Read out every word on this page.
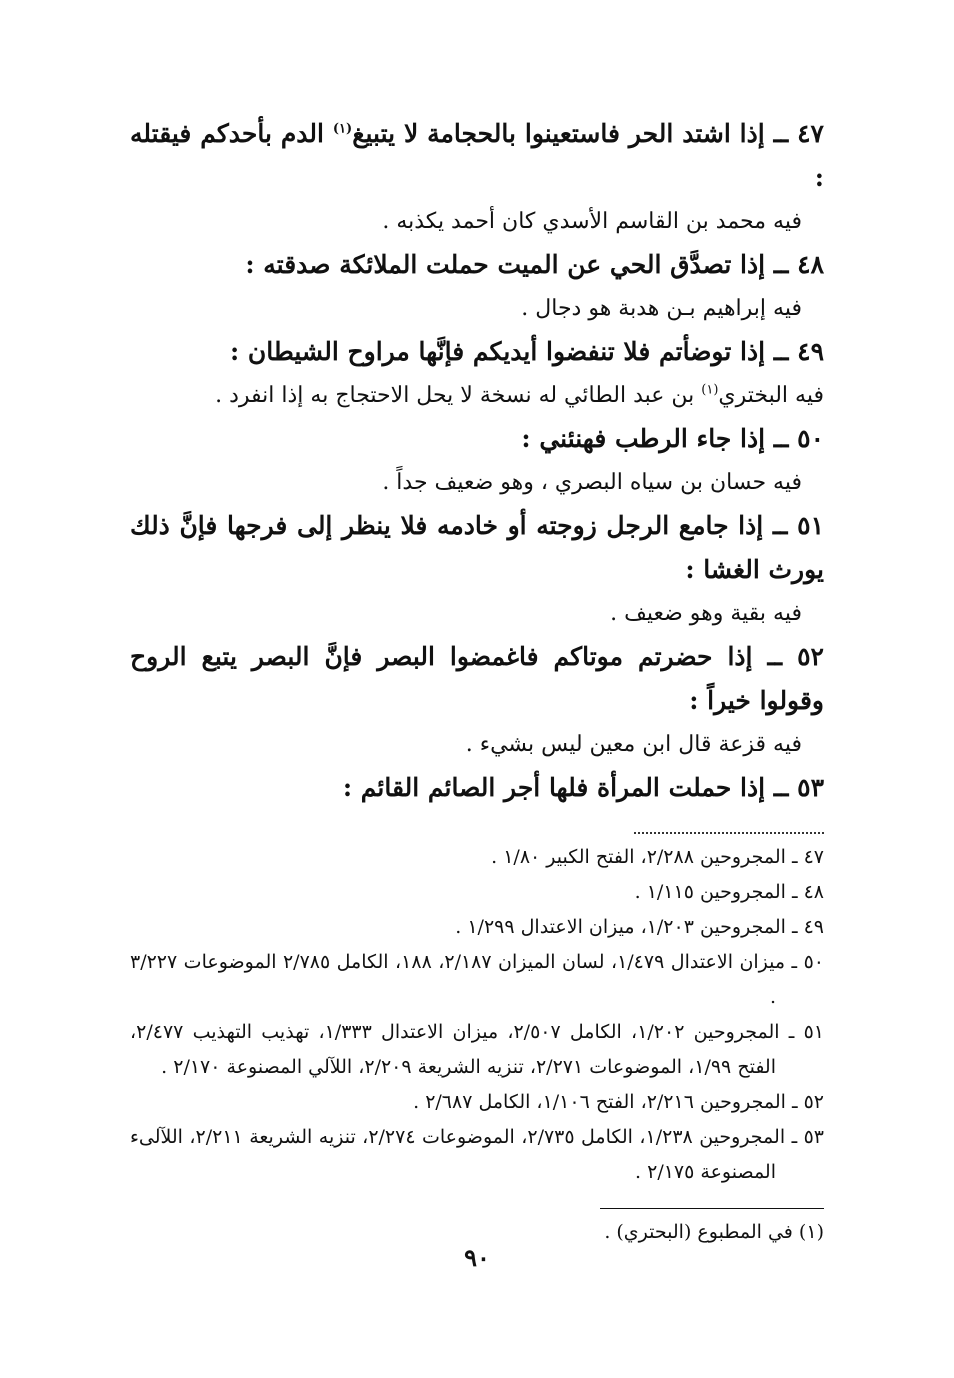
٤٧ ــ إذا اشتد الحر فاستعينوا بالحجامة لا يتبيغ$^{(١)}$ الدم بأحدكم فيقتله :

فيه محمد بن القاسم الأسدي كان أحمد يكذبه .

٤٨ ــ إذا تصدَّق الحي عن الميت حملت الملائكة صدقته :

فيه إبراهيم بـن هدبة هو دجال .

٤٩ ــ إذا توضأتم فلا تنفضوا أيديكم فإنَّها مراوح الشيطان :

فيه البختري$^{(١)}$ بن عبد الطائي له نسخة لا يحل الاحتجاج به إذا انفرد .

٥٠ ــ إذا جاء الرطب فهنئني :

فيه حسان بن سياه البصري ، وهو ضعيف جداً .

٥١ ــ إذا جامع الرجل زوجته أو خادمه فلا ينظر إلى فرجها فإنَّ ذلك يورث الغشا :

فيه بقية وهو ضعيف .

٥٢ ــ إذا حضرتم موتاكم فاغمضوا البصر فإنَّ البصر يتبع الروح وقولوا خيراً :

فيه قزعة قال ابن معين ليس بشيء .

٥٣ ــ إذا حملت المرأة فلها أجر الصائم القائم :

٤٧ ـ المجروحين ٢/٢٨٨، الفتح الكبير ١/٨٠ .
٤٨ ـ المجروحين ١/١١٥ .
٤٩ ـ المجروحين ١/٢٠٣، ميزان الاعتدال ١/٢٩٩ .
٥٠ ـ ميزان الاعتدال ١/٤٧٩، لسان الميزان ٢/١٨٧، ١٨٨، الكامل ٢/٧٨٥ الموضوعات ٣/٢٢٧ .
٥١ ـ المجروحين ١/٢٠٢، الكامل ٢/٥٠٧، ميزان الاعتدال ١/٣٣٣، تهذيب التهذيب ٢/٤٧٧، الفتح ١/٩٩، الموضوعات ٢/٢٧١، تنزيه الشريعة ٢/٢٠٩، اللآلي المصنوعة ٢/١٧٠ .
٥٢ ـ المجروحين ٢/٢١٦، الفتح ١/١٠٦، الكامل ٢/٦٨٧ .
٥٣ ـ المجروحين ١/٢٣٨، الكامل ٢/٧٣٥، الموضوعات ٢/٢٧٤، تنزيه الشريعة ٢/٢١١، اللآلىء المصنوعة ٢/١٧٥ .

(١) في المطبوع (البحتري) .

٩٠
